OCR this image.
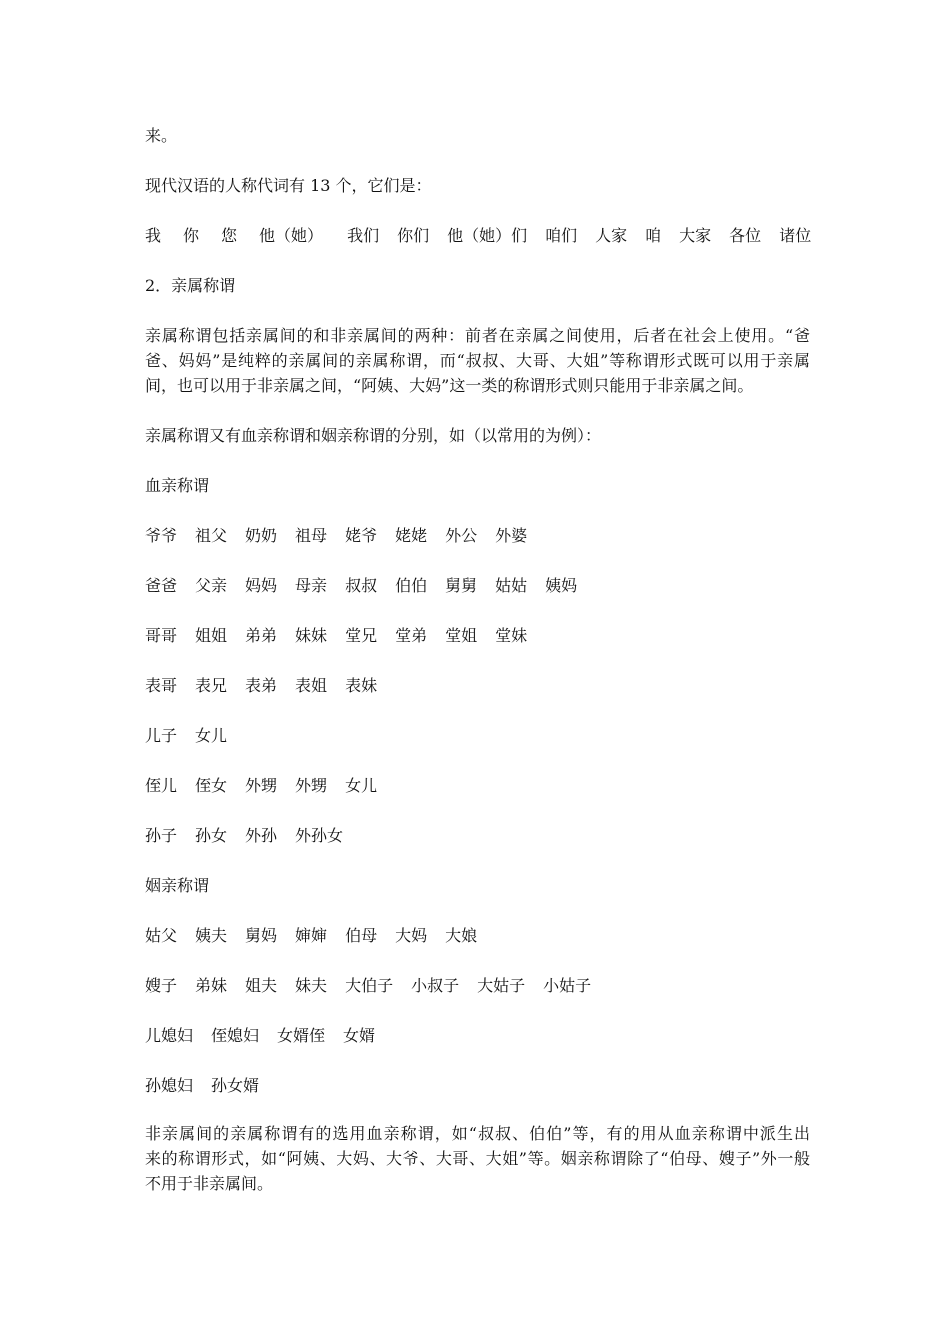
来。
现代汉语的人称代词有 13 个，它们是：
我 你 您 他（她） 我们 你们 他（她）们 咱们 人家 咱 大家 各位 诸位
2．亲属称谓
亲属称谓包括亲属间的和非亲属间的两种：前者在亲属之间使用，后者在社会上使用。“爸
爸、妈妈”是纯粹的亲属间的亲属称谓，而“叔叔、大哥、大姐”等称谓形式既可以用于亲属
间，也可以用于非亲属之间，“阿姨、大妈”这一类的称谓形式则只能用于非亲属之间。
亲属称谓又有血亲称谓和姻亲称谓的分别，如（以常用的为例）：
血亲称谓
爷爷 祖父 奶奶 祖母 姥爷 姥姥 外公 外婆
爸爸 父亲 妈妈 母亲 叔叔 伯伯 舅舅 姑姑 姨妈
哥哥 姐姐 弟弟 妹妹 堂兄 堂弟 堂姐 堂妹
表哥 表兄 表弟 表姐 表妹
儿子 女儿
侄儿 侄女 外甥 外甥 女儿
孙子 孙女 外孙 外孙女
姻亲称谓
姑父 姨夫 舅妈 婶婶 伯母 大妈 大娘
嫂子 弟妹 姐夫 妹夫 大伯子 小叔子 大姑子 小姑子
儿媳妇 侄媳妇 女婿侄 女婿
孙媳妇 孙女婿
非亲属间的亲属称谓有的选用血亲称谓，如“叔叔、伯伯”等，有的用从血亲称谓中派生出
来的称谓形式，如“阿姨、大妈、大爷、大哥、大姐”等。姻亲称谓除了“伯母、嫂子”外一般
不用于非亲属间。
